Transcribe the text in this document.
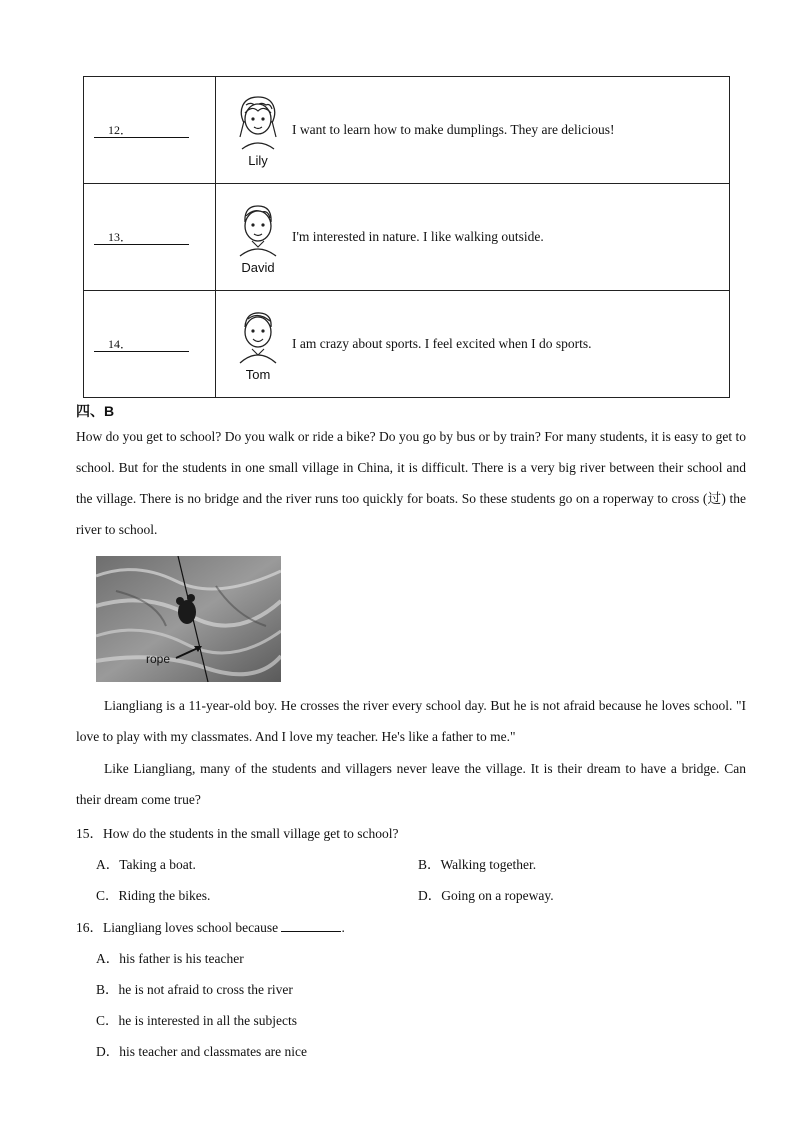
12．	Lily
I want to learn how to make dumplings. They are delicious!

13．	David
I'm interested in nature. I like walking outside.

14．	Tom
I am crazy about sports. I feel excited when I do sports.
四、B
How do you get to school? Do you walk or ride a bike? Do you go by bus or by train? For many students, it is easy to get to school. But for the students in one small village in China, it is difficult. There is a very big river between their school and the village. There is no bridge and the river runs too quickly for boats. So these students go on a roperway to cross (过) the river to school.
rope
Liangliang is a 11-year-old boy. He crosses the river every school day. But he is not afraid because he loves school. "I love to play with my classmates. And I love my teacher. He's like a father to me."
Like Liangliang, many of the students and villagers never leave the village. It is their dream to have a bridge. Can their dream come true?
15．How do the students in the small village get to school?
A．Taking a boat.	B．Walking together.
C．Riding the bikes.	D．Going on a ropeway.
16．Liangliang loves school because	.
A．his father is his teacher
B．he is not afraid to cross the river
C．he is interested in all the subjects
D．his teacher and classmates are nice
